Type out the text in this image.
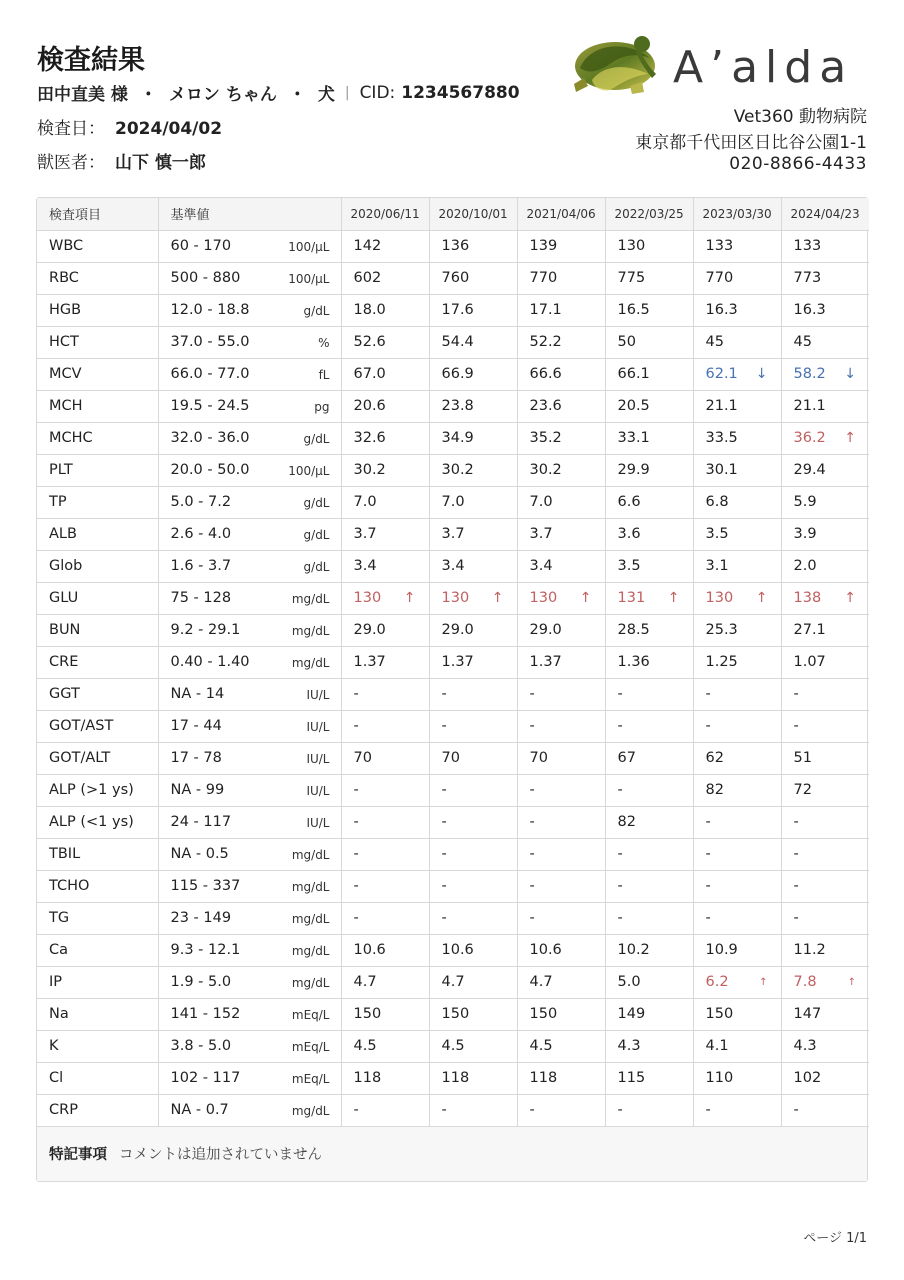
検査結果
田中直美 様 ・ メロン ちゃん ・ 犬 | CID: 1234567880
検査日： 2024/04/02
獣医者： 山下 慎一郎
A’alda
Vet360 動物病院
東京都千代田区日比谷公園1-1
020-8866-4433
検査項目	基準値	2020/06/11	2020/10/01	2021/04/06	2022/03/25	2023/03/30	2024/04/23
WBC	60 - 170 100/μL	142	136	139	130	133	133
RBC	500 - 880 100/μL	602	760	770	775	770	773
HGB	12.0 - 18.8 g/dL	18.0	17.6	17.1	16.5	16.3	16.3
HCT	37.0 - 55.0 %	52.6	54.4	52.2	50	45	45
MCV	66.0 - 77.0 fL	67.0	66.9	66.6	66.1	62.1 ↓	58.2 ↓

MCH	19.5 - 24.5 pg	20.6	23.8	23.6	20.5	21.1	21.1
MCHC	32.0 - 36.0 g/dL	32.6	34.9	35.2	33.1	33.5	36.2 ↑

PLT	20.0 - 50.0 100/μL	30.2	30.2	30.2	29.9	30.1	29.4
TP	5.0 - 7.2 g/dL	7.0	7.0	7.0	6.6	6.8	5.9
ALB	2.6 - 4.0 g/dL	3.7	3.7	3.7	3.6	3.5	3.9
Glob	1.6 - 3.7 g/dL	3.4	3.4	3.4	3.5	3.1	2.0
GLU	75 - 128 mg/dL	130 ↑	130 ↑	130 ↑	131 ↑	130 ↑	138 ↑

BUN	9.2 - 29.1 mg/dL	29.0	29.0	29.0	28.5	25.3	27.1
CRE	0.40 - 1.40 mg/dL	1.37	1.37	1.37	1.36	1.25	1.07
GGT	NA - 14 IU/L	-	-	-	-	-	-
GOT/AST	17 - 44 IU/L	-	-	-	-	-	-
GOT/ALT	17 - 78 IU/L	70	70	70	67	62	51
ALP (>1 ys)	NA - 99 IU/L	-	-	-	-	82	72
ALP (<1 ys)	24 - 117 IU/L	-	-	-	82	-	-
TBIL	NA - 0.5 mg/dL	-	-	-	-	-	-
TCHO	115 - 337 mg/dL	-	-	-	-	-	-
TG	23 - 149 mg/dL	-	-	-	-	-	-
Ca	9.3 - 12.1 mg/dL	10.6	10.6	10.6	10.2	10.9	11.2
IP	1.9 - 5.0 mg/dL	4.7	4.7	4.7	5.0	6.2 ↑	7.8 ↑

Na	141 - 152 mEq/L	150	150	150	149	150	147
K	3.8 - 5.0 mEq/L	4.5	4.5	4.5	4.3	4.1	4.3
Cl	102 - 117 mEq/L	118	118	118	115	110	102
CRP	NA - 0.7 mg/dL	-	-	-	-	-	-
特記事項 コメントは追加されていません
ページ 1/1
